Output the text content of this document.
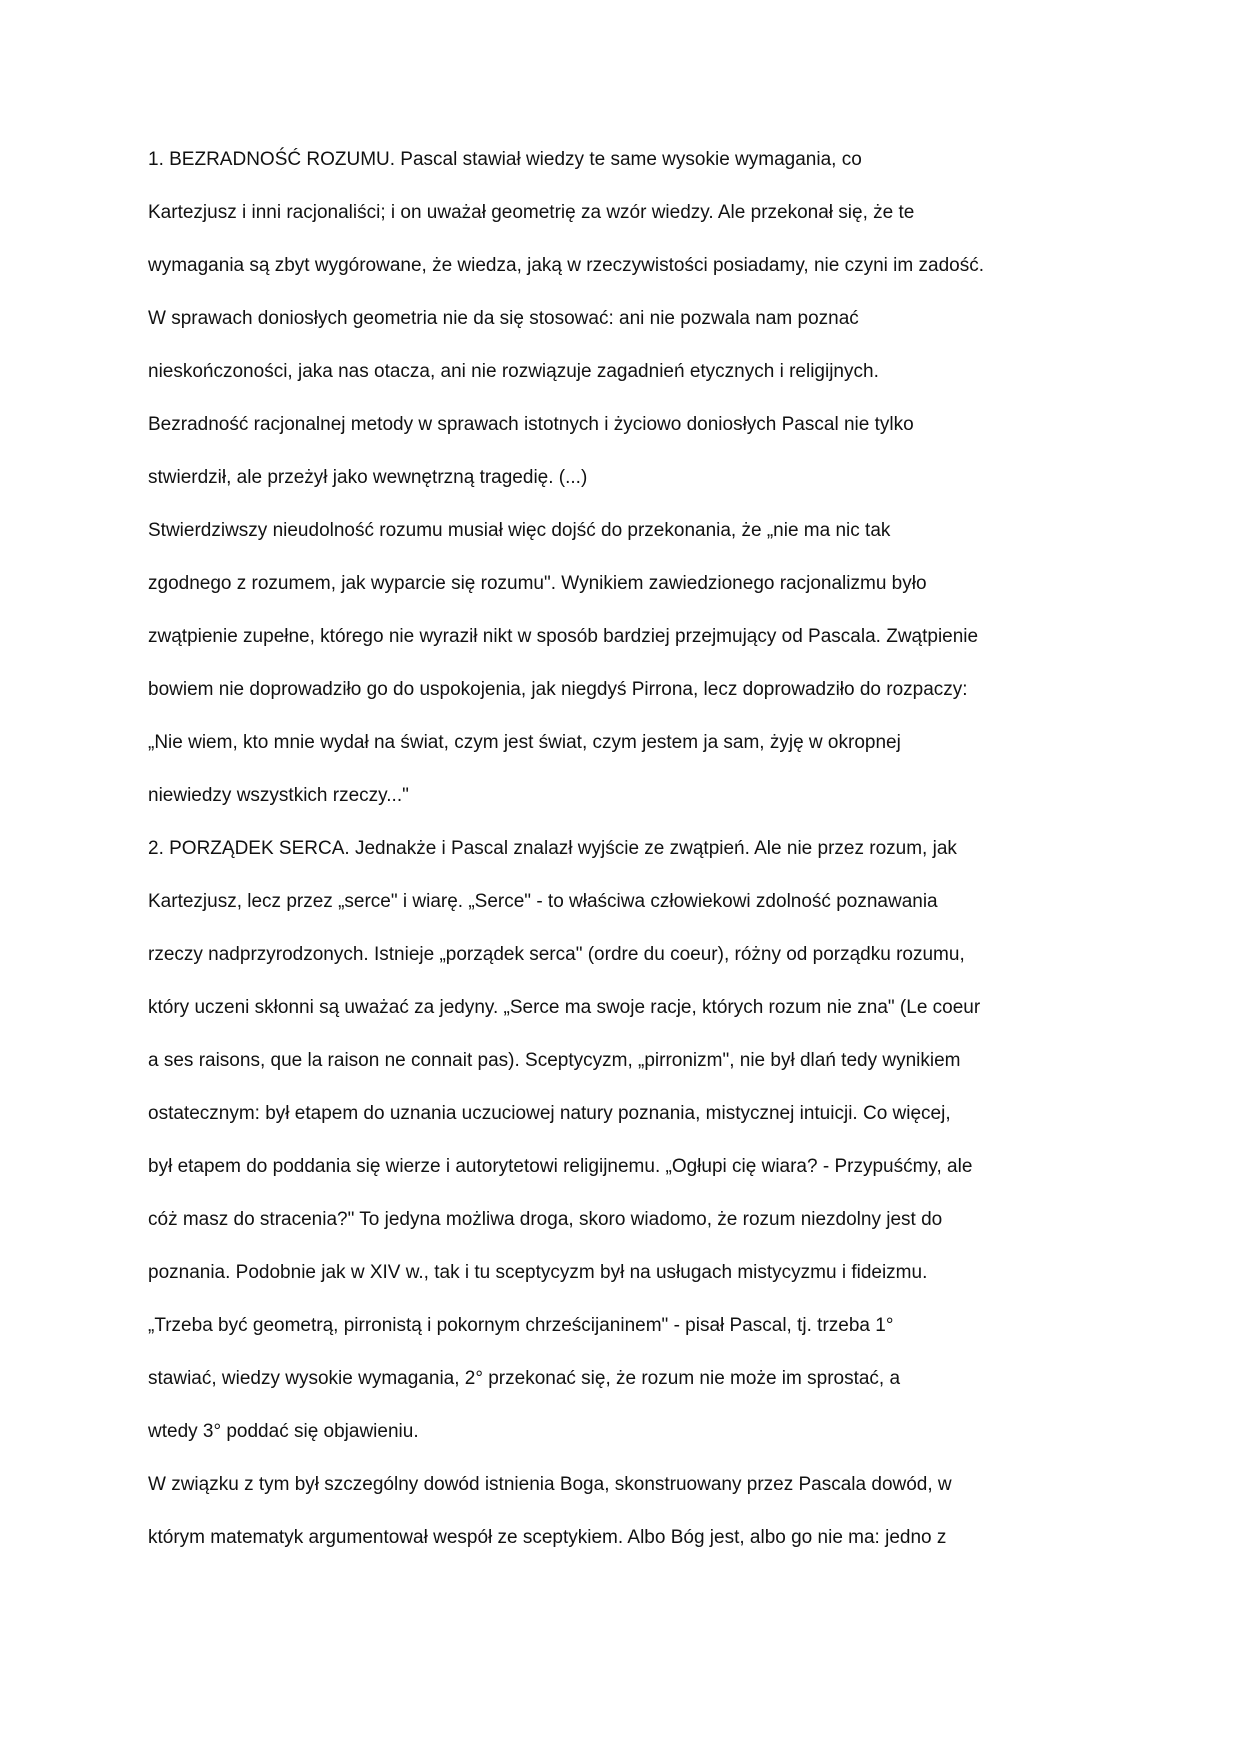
1. BEZRADNOŚĆ ROZUMU. Pascal stawiał wiedzy te same wysokie wymagania, co
Kartezjusz i inni racjonaliści; i on uważał geometrię za wzór wiedzy. Ale przekonał się, że te
wymagania są zbyt wygórowane, że wiedza, jaką w rzeczywistości posiadamy, nie czyni im zadość.
W sprawach doniosłych geometria nie da się stosować: ani nie pozwala nam poznać
nieskończoności, jaka nas otacza, ani nie rozwiązuje zagadnień etycznych i religijnych.
Bezradność racjonalnej metody w sprawach istotnych i życiowo doniosłych Pascal nie tylko
stwierdził, ale przeżył jako wewnętrzną tragedię. (...)
Stwierdziwszy nieudolność rozumu musiał więc dojść do przekonania, że „nie ma nic tak
zgodnego z rozumem, jak wyparcie się rozumu". Wynikiem zawiedzionego racjonalizmu było
zwątpienie zupełne, którego nie wyraził nikt w sposób bardziej przejmujący od Pascala. Zwątpienie
bowiem nie doprowadziło go do uspokojenia, jak niegdyś Pirrona, lecz doprowadziło do rozpaczy:
„Nie wiem, kto mnie wydał na świat, czym jest świat, czym jestem ja sam, żyję w okropnej
niewiedzy wszystkich rzeczy..."
2. PORZĄDEK SERCA. Jednakże i Pascal znalazł wyjście ze zwątpień. Ale nie przez rozum, jak
Kartezjusz, lecz przez „serce" i wiarę. „Serce" - to właściwa człowiekowi zdolność poznawania
rzeczy nadprzyrodzonych. Istnieje „porządek serca" (ordre du coeur), różny od porządku rozumu,
który uczeni skłonni są uważać za jedyny. „Serce ma swoje racje, których rozum nie zna" (Le coeur
a ses raisons, que la raison ne connait pas). Sceptycyzm, „pirronizm", nie był dlań tedy wynikiem
ostatecznym: był etapem do uznania uczuciowej natury poznania, mistycznej intuicji. Co więcej,
był etapem do poddania się wierze i autorytetowi religijnemu. „Ogłupi cię wiara? - Przypuśćmy, ale
cóż masz do stracenia?" To jedyna możliwa droga, skoro wiadomo, że rozum niezdolny jest do
poznania. Podobnie jak w XIV w., tak i tu sceptycyzm był na usługach mistycyzmu i fideizmu.
„Trzeba być geometrą, pirronistą i pokornym chrześcijaninem" - pisał Pascal, tj. trzeba 1°
stawiać, wiedzy wysokie wymagania, 2° przekonać się, że rozum nie może im sprostać, a
wtedy 3° poddać się objawieniu.
W związku z tym był szczególny dowód istnienia Boga, skonstruowany przez Pascala dowód, w
którym matematyk argumentował wespół ze sceptykiem. Albo Bóg jest, albo go nie ma: jedno z
